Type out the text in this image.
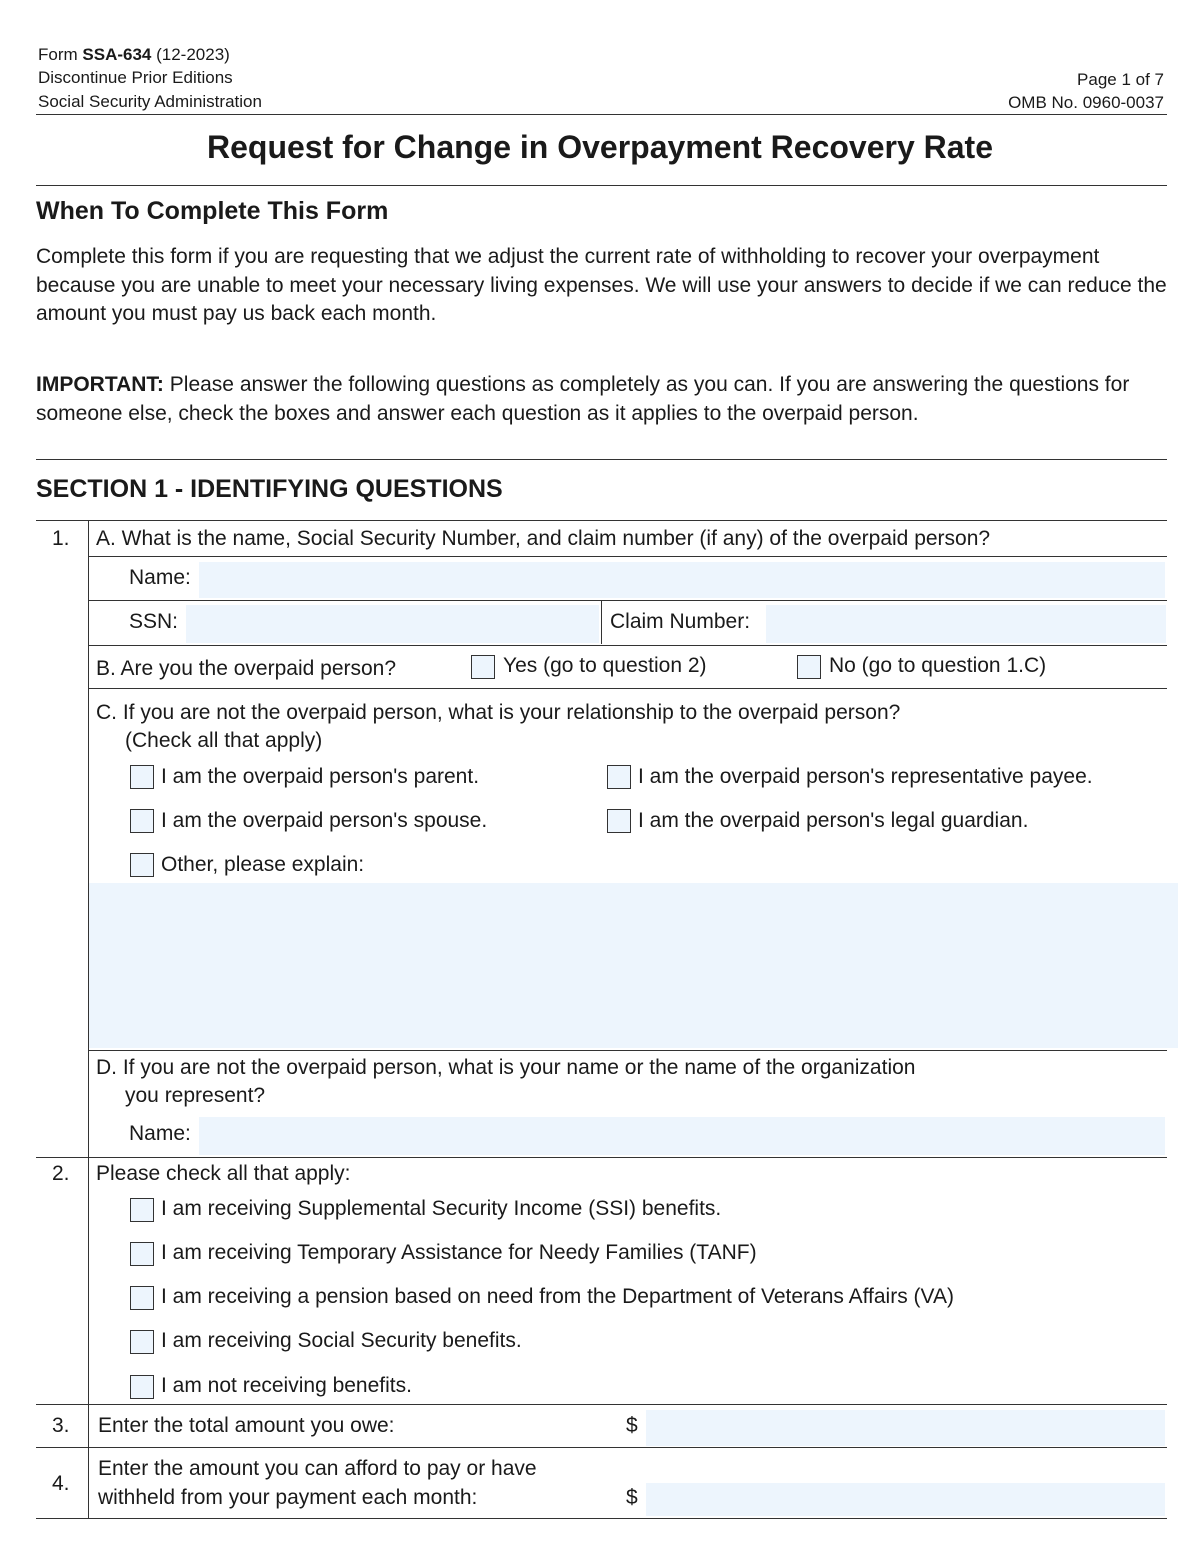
Form SSA-634 (12-2023)
Discontinue Prior Editions
Social Security Administration
Page 1 of 7
OMB No. 0960-0037
Request for Change in Overpayment Recovery Rate
When To Complete This Form
Complete this form if you are requesting that we adjust the current rate of withholding to recover your overpayment because you are unable to meet your necessary living expenses. We will use your answers to decide if we can reduce the amount you must pay us back each month.
IMPORTANT: Please answer the following questions as completely as you can. If you are answering the questions for someone else, check the boxes and answer each question as it applies to the overpaid person.
SECTION 1 - IDENTIFYING QUESTIONS
1. A. What is the name, Social Security Number, and claim number (if any) of the overpaid person?
Name:
SSN:	Claim Number:
B. Are you the overpaid person?	Yes (go to question 2)	No (go to question 1.C)
C. If you are not the overpaid person, what is your relationship to the overpaid person?
(Check all that apply)
I am the overpaid person's parent.	I am the overpaid person's representative payee.
I am the overpaid person's spouse.	I am the overpaid person's legal guardian.
Other, please explain:
D. If you are not the overpaid person, what is your name or the name of the organization
you represent?
Name:
2. Please check all that apply:
I am receiving Supplemental Security Income (SSI) benefits.
I am receiving Temporary Assistance for Needy Families (TANF)
I am receiving a pension based on need from the Department of Veterans Affairs (VA)
I am receiving Social Security benefits.
I am not receiving benefits.
3. Enter the total amount you owe:	$
4.
Enter the amount you can afford to pay or have
withheld from your payment each month:	$
